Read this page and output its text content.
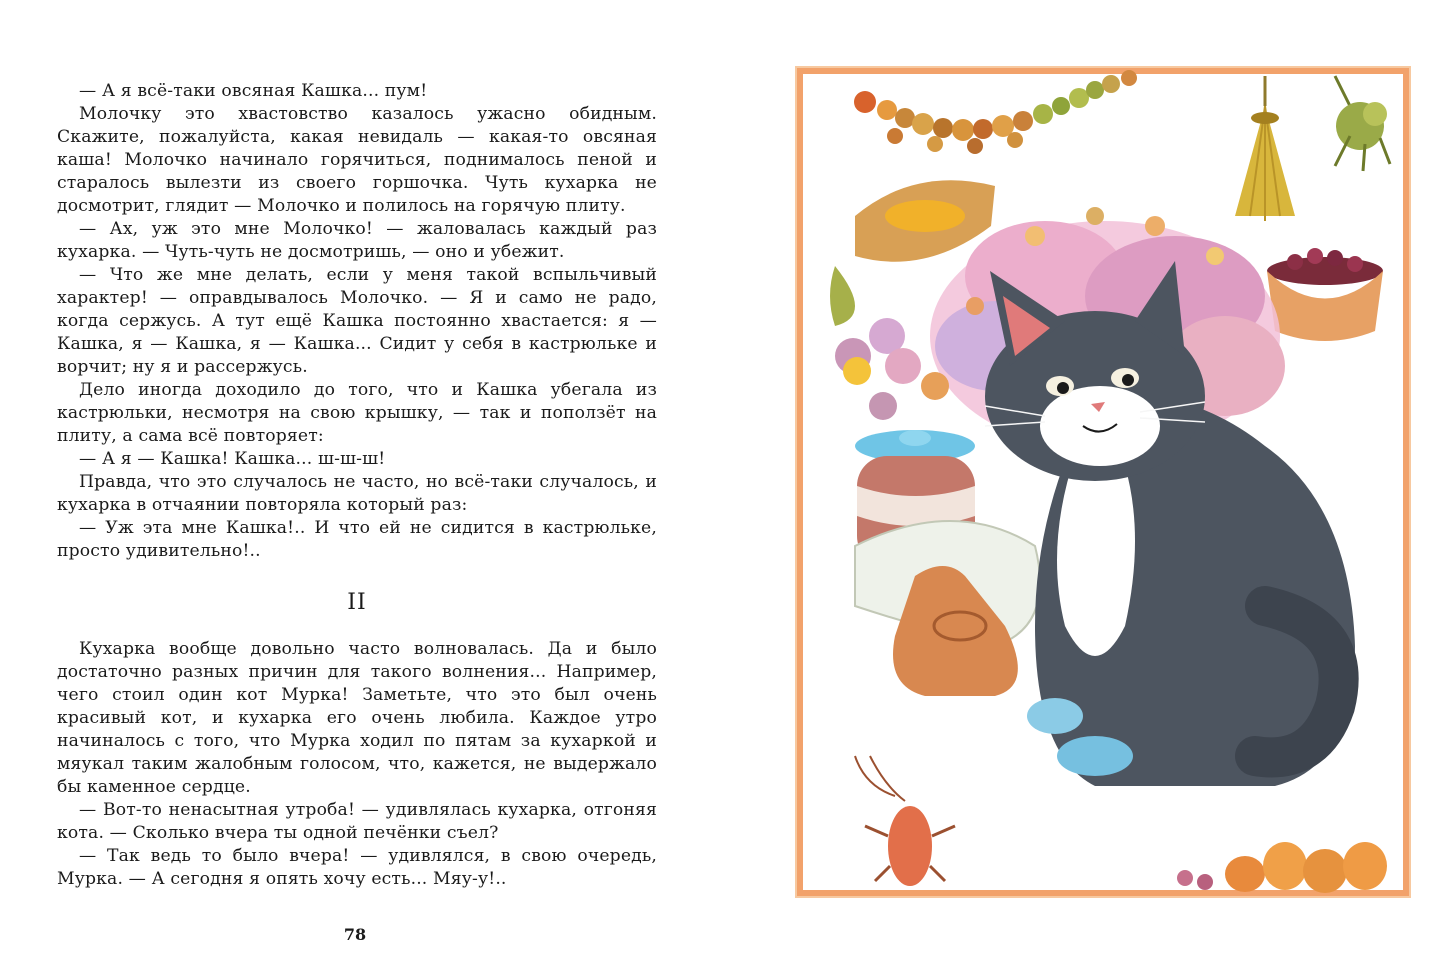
— А я всё-таки овсяная Кашка... пум!

Молочку это хвастовство казалось ужасно обидным. Скажите, пожалуйста, какая невидаль — какая-то овсяная каша! Молочко начинало горячиться, поднималось пеной и старалось вылезти из своего горшочка. Чуть кухарка не досмотрит, глядит — Молочко и полилось на горячую плиту.

— Ах, уж это мне Молочко! — жаловалась каждый раз кухарка. — Чуть-чуть не досмотришь, — оно и убежит.

— Что же мне делать, если у меня такой вспыльчивый характер! — оправдывалось Молочко. — Я и само не радо, когда сержусь. А тут ещё Кашка постоянно хвастается: я — Кашка, я — Кашка, я — Кашка... Сидит у себя в кастрюльке и ворчит; ну я и рассержусь.

Дело иногда доходило до того, что и Кашка убегала из кастрюльки, несмотря на свою крышку, — так и поползёт на плиту, а сама всё повторяет:

— А я — Кашка! Кашка... ш-ш-ш!

Правда, что это случалось не часто, но всё-таки случалось, и кухарка в отчаянии повторяла который раз:

— Уж эта мне Кашка!.. И что ей не сидится в кастрюльке, просто удивительно!..

II

Кухарка вообще довольно часто волновалась. Да и было достаточно разных причин для такого волнения... Например, чего стоил один кот Мурка! Заметьте, что это был очень красивый кот, и кухарка его очень любила. Каждое утро начиналось с того, что Мурка ходил по пятам за кухаркой и мяукал таким жалобным голосом, что, кажется, не выдержало бы каменное сердце.

— Вот-то ненасытная утроба! — удивлялась кухарка, отгоняя кота. — Сколько вчера ты одной печёнки съел?

— Так ведь то было вчера! — удивлялся, в свою очередь, Мурка. — А сегодня я опять хочу есть... Мяу-у!..

78
